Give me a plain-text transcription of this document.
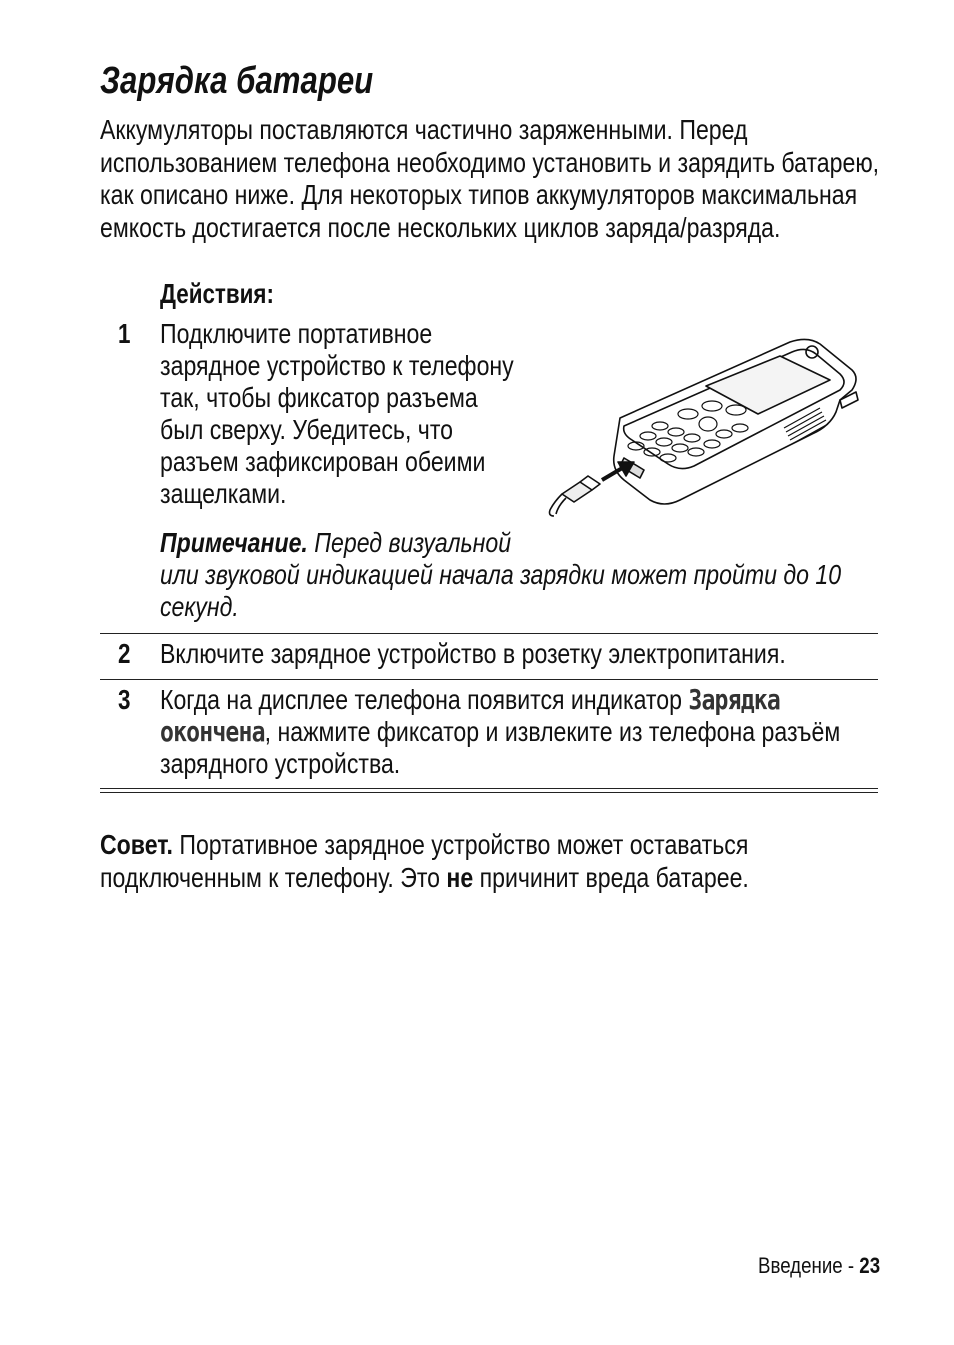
Зарядка батареи

Аккумуляторы поставляются частично заряженными. Перед
использованием телефона необходимо установить и зарядить батарею,
как описано ниже. Для некоторых типов аккумуляторов максимальная
емкость достигается после нескольких циклов заряда/разряда.

Действия:
1 Подключите портативное
зарядное устройство к телефону
так, чтобы фиксатор разъема
был сверху. Убедитесь, что
разъем зафиксирован обеими
защелками.

Примечание. Перед визуальной
или звуковой индикацией начала зарядки может пройти до 10
секунд.

2 Включите зарядное устройство в розетку электропитания.

3 Когда на дисплее телефона появится индикатор Зарядка
окончена, нажмите фиксатор и извлеките из телефона разъём
зарядного устройства.

Совет. Портативное зарядное устройство может оставаться
подключенным к телефону. Это не причинит вреда батарее.

Введение - 23
